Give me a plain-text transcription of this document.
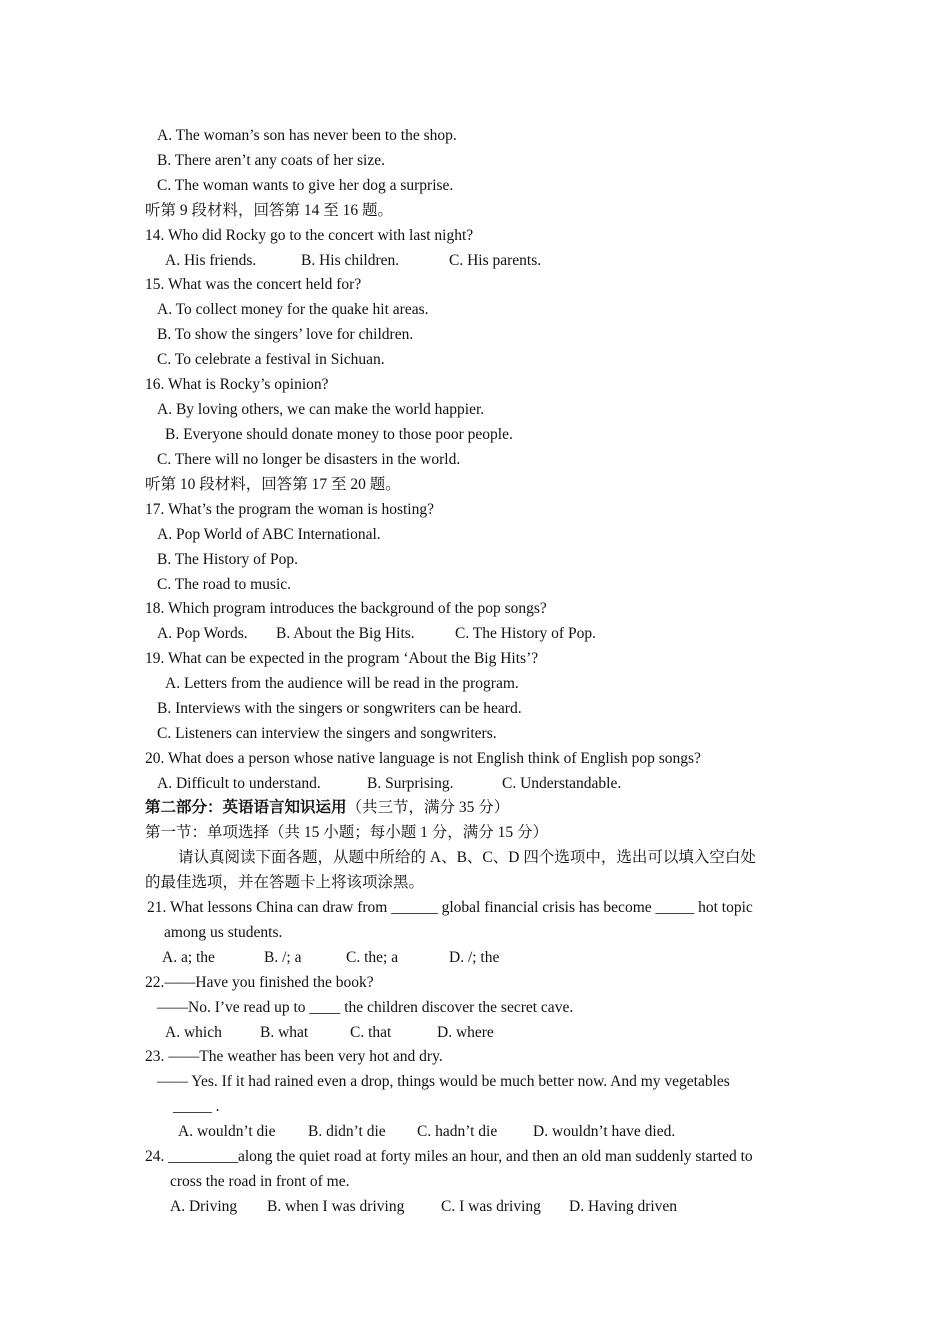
A. The woman’s son has never been to the shop.
B. There aren’t any coats of her size.
C. The woman wants to give her dog a surprise.
听第 9 段材料，回答第 14 至 16 题。
14. Who did Rocky go to the concert with last night?
A. His friends.	B. His children.	C. His parents.
15. What was the concert held for?
A. To collect money for the quake hit areas.
B. To show the singers’ love for children.
C. To celebrate a festival in Sichuan.
16. What is Rocky’s opinion?
A. By loving others, we can make the world happier.
B. Everyone should donate money to those poor people.
C. There will no longer be disasters in the world.
听第 10 段材料，回答第 17 至 20 题。
17. What’s the program the woman is hosting?
A. Pop World of ABC International.
B. The History of Pop.
C. The road to music.
18. Which program introduces the background of the pop songs?
A. Pop Words. B. About the Big Hits.	C. The History of Pop.
19. What can be expected in the program ‘About the Big Hits’?
A. Letters from the audience will be read in the program.
B. Interviews with the singers or songwriters can be heard.
C. Listeners can interview the singers and songwriters.
20. What does a person whose native language is not English think of English pop songs?
A. Difficult to understand.	B. Surprising.	C. Understandable.
第二部分：英语语言知识运用（共三节，满分 35 分）
第一节：单项选择（共 15 小题；每小题 1 分，满分 15 分）
请认真阅读下面各题，从题中所给的 A、B、C、D 四个选项中，选出可以填入空白处
的最佳选项，并在答题卡上将该项涂黑。
21. What lessons China can draw from ______ global financial crisis has become _____ hot topic
among us students.
A. a; the	B. /; a	C. the; a	D. /; the
22.——Have you finished the book?
——No. I’ve read up to ____ the children discover the secret cave.
A. which B. what	C. that	D. where
23. ——The weather has been very hot and dry.
—— Yes. If it had rained even a drop, things would be much better now. And my vegetables
_____ .
A. wouldn’t die B. didn’t die C. hadn’t die D. wouldn’t have died.
24. _________along the quiet road at forty miles an hour, and then an old man suddenly started to
cross the road in front of me.
A. Driving B. when I was driving C. I was driving D. Having driven
